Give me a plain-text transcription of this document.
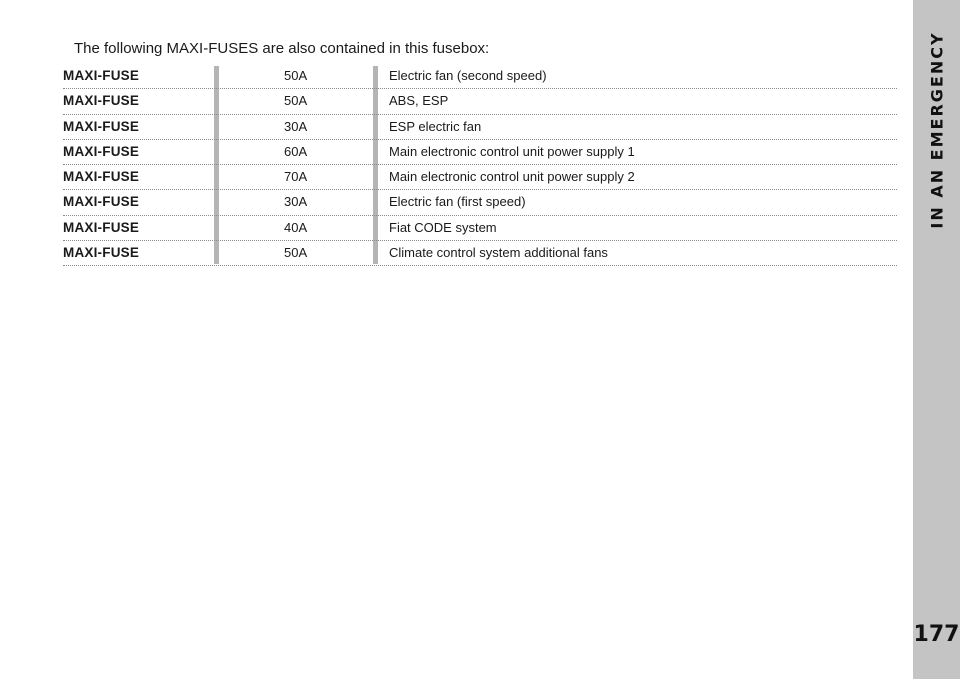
IN AN EMERGENCY
177
The following MAXI-FUSES are also contained in this fusebox:
MAXI-FUSE	50A	Electric fan (second speed)
MAXI-FUSE	50A	ABS, ESP
MAXI-FUSE	30A	ESP electric fan
MAXI-FUSE	60A	Main electronic control unit power supply 1
MAXI-FUSE	70A	Main electronic control unit power supply 2
MAXI-FUSE	30A	Electric fan (first speed)
MAXI-FUSE	40A	Fiat CODE system
MAXI-FUSE	50A	Climate control system additional fans
